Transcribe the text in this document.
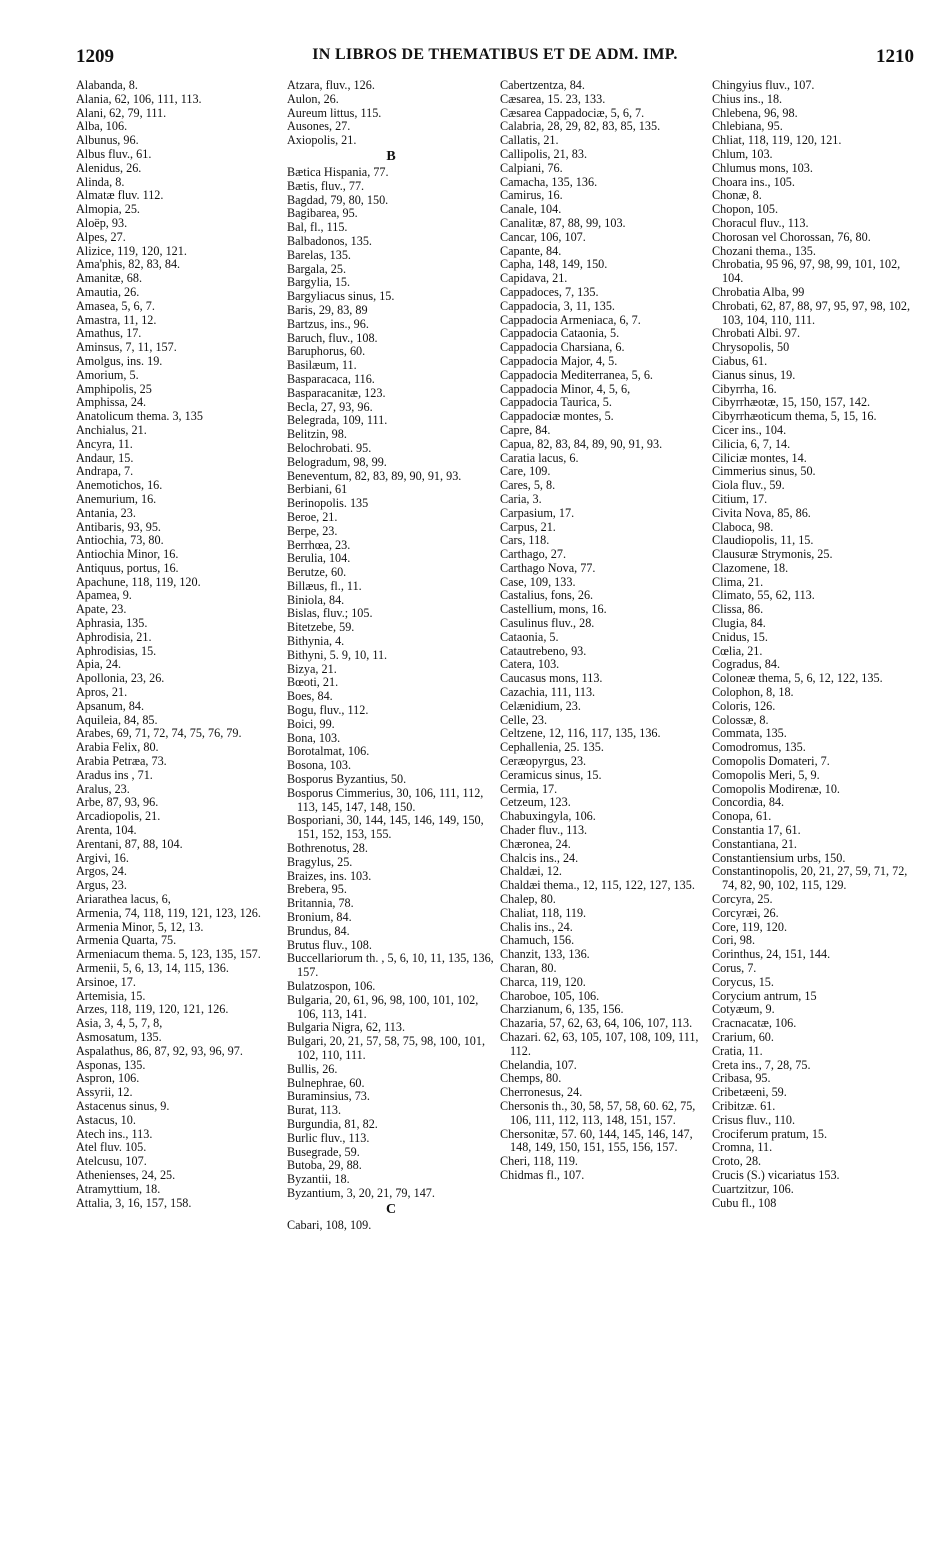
1209	IN LIBROS DE THEMATIBUS ET DE ADM. IMP.	1210
Alabanda, 8.
Alania, 62, 106, 111, 113.
Alani, 62, 79, 111.
Alba, 106.
Albunus, 96.
Albus fluv., 61.
Alenidus, 26.
Alinda, 8.
Almatæ fluv. 112.
Almopia, 25.
Aloëp, 93.
Alpes, 27.
Alizice, 119, 120, 121.
Ama'phis, 82, 83, 84.
Amanitæ, 68.
Amautia, 26.
Amasea, 5, 6, 7.
Amastra, 11, 12.
Amathus, 17.
Aminsus, 7, 11, 157.
Amolgus, ins. 19.
Amorium, 5.
Amphipolis, 25
Amphissa, 24.
Anatolicum thema. 3, 135
Anchialus, 21.
Ancyra, 11.
Andaur, 15.
Andrapa, 7.
Anemotichos, 16.
Anemurium, 16.
Antania, 23.
Antibaris, 93, 95.
Antiochia, 73, 80.
Antiochia Minor, 16.
Antiquus, portus, 16.
Apachune, 118, 119, 120.
Apamea, 9.
Apate, 23.
Aphrasia, 135.
Aphrodisia, 21.
Aphrodisias, 15.
Apia, 24.
Apollonia, 23, 26.
Apros, 21.
Apsanum, 84.
Aquileia, 84, 85.
Arabes, 69, 71, 72, 74, 75, 76, 79.
Arabia Felix, 80.
Arabia Petræa, 73.
Aradus ins , 71.
Aralus, 23.
Arbe, 87, 93, 96.
Arcadiopolis, 21.
Arenta, 104.
Arentani, 87, 88, 104.
Argivi, 16.
Argos, 24.
Argus, 23.
Ariarathea lacus, 6,
Armenia, 74, 118, 119, 121, 123, 126.
Armenia Minor, 5, 12, 13.
Armenia Quarta, 75.
Armeniacum thema. 5, 123, 135, 157.
Armenii, 5, 6, 13, 14, 115, 136.
Arsinoe, 17.
Artemisia, 15.
Arzes, 118, 119, 120, 121, 126.
Asia, 3, 4, 5, 7, 8,
Asmosatum, 135.
Aspalathus, 86, 87, 92, 93, 96, 97.
Asponas, 135.
Aspron, 106.
Assyrii, 12.
Astacenus sinus, 9.
Astacus, 10.
Atech ins., 113.
Atel fluv. 105.
Atelcusu, 107.
Athenienses, 24, 25.
Atramyttium, 18.
Attalia, 3, 16, 157, 158.
Atzara, fluv., 126.
Aulon, 26.
Aureum littus, 115.
Ausones, 27.
Axiopolis, 21.
B
Bætica Hispania, 77.
Bætis, fluv., 77.
Bagdad, 79, 80, 150.
Bagibarea, 95.
Bal, fl., 115.
Balbadonos, 135.
Barelas, 135.
Bargala, 25.
Bargylia, 15.
Bargyliacus sinus, 15.
Baris, 29, 83, 89
Bartzus, ins., 96.
Baruch, fluv., 108.
Baruphorus, 60.
Basilæum, 11.
Basparacaca, 116.
Basparacanitæ, 123.
Becla, 27, 93, 96.
Belegrada, 109, 111.
Belitzin, 98.
Belochrobati. 95.
Belogradum, 98, 99.
Beneventum, 82, 83, 89, 90, 91, 93.
Berbiani, 61
Berinopolis. 135
Beroe, 21.
Berpe, 23.
Berrhœa, 23.
Berulia, 104.
Berutze, 60.
Billæus, fl., 11.
Biniola, 84.
Bislas, fluv.; 105.
Bitetzebe, 59.
Bithynia, 4.
Bithyni, 5. 9, 10, 11.
Bizya, 21.
Bœoti, 21.
Boes, 84.
Bogu, fluv., 112.
Boici, 99.
Bona, 103.
Borotalmat, 106.
Bosona, 103.
Bosporus Byzantius, 50.
Bosporus Cimmerius, 30, 106, 111, 112, 113, 145, 147, 148, 150.
Bosporiani, 30, 144, 145, 146, 149, 150, 151, 152, 153, 155.
Bothrenotus, 28.
Bragylus, 25.
Braizes, ins. 103.
Brebera, 95.
Britannia, 78.
Bronium, 84.
Brundus, 84.
Brutus fluv., 108.
Buccellariorum th. , 5, 6, 10, 11, 135, 136, 157.
Bulatzospon, 106.
Bulgaria, 20, 61, 96, 98, 100, 101, 102, 106, 113, 141.
Bulgaria Nigra, 62, 113.
Bulgari, 20, 21, 57, 58, 75, 98, 100, 101, 102, 110, 111.
Bullis, 26.
Bulnephrae, 60.
Buraminsius, 73.
Burat, 113.
Burgundia, 81, 82.
Burlic fluv., 113.
Busegrade, 59.
Butoba, 29, 88.
Byzantii, 18.
Byzantium, 3, 20, 21, 79, 147.
C
Cabari, 108, 109.
Cabertzentza, 84.
Cæsarea, 15. 23, 133.
Cæsarea Cappadociæ, 5, 6, 7.
Calabria, 28, 29, 82, 83, 85, 135.
Callatis, 21.
Callipolis, 21, 83.
Calpiani, 76.
Camacha, 135, 136.
Camirus, 16.
Canale, 104.
Canalitæ, 87, 88, 99, 103.
Cancar, 106, 107.
Capante, 84.
Capha, 148, 149, 150.
Capidava, 21.
Cappadoces, 7, 135.
Cappadocia, 3, 11, 135.
Cappadocia Armeniaca, 6, 7.
Cappadocia Cataonia, 5.
Cappadocia Charsiana, 6.
Cappadocia Major, 4, 5.
Cappadocia Mediterranea, 5, 6.
Cappadocia Minor, 4, 5, 6,
Cappadocia Taurica, 5.
Cappadociæ montes, 5.
Capre, 84.
Capua, 82, 83, 84, 89, 90, 91, 93.
Caratia lacus, 6.
Care, 109.
Cares, 5, 8.
Caria, 3.
Carpasium, 17.
Carpus, 21.
Cars, 118.
Carthago, 27.
Carthago Nova, 77.
Case, 109, 133.
Castalius, fons, 26.
Castellium, mons, 16.
Casulinus fluv., 28.
Cataonia, 5.
Catautrebeno, 93.
Catera, 103.
Caucasus mons, 113.
Cazachia, 111, 113.
Celænidium, 23.
Celle, 23.
Celtzene, 12, 116, 117, 135, 136.
Cephallenia, 25. 135.
Ceræopyrgus, 23.
Ceramicus sinus, 15.
Cermia, 17.
Cetzeum, 123.
Chabuxingyla, 106.
Chader fluv., 113.
Chæronea, 24.
Chalcis ins., 24.
Chaldæi, 12.
Chaldæi thema., 12, 115, 122, 127, 135.
Chalep, 80.
Chaliat, 118, 119.
Chalis ins., 24.
Chamuch, 156.
Chanzit, 133, 136.
Charan, 80.
Charca, 119, 120.
Charoboe, 105, 106.
Charzianum, 6, 135, 156.
Chazaria, 57, 62, 63, 64, 106, 107, 113.
Chazari. 62, 63, 105, 107, 108, 109, 111, 112.
Chelandia, 107.
Chemps, 80.
Cherronesus, 24.
Chersonis th., 30, 58, 57, 58, 60. 62, 75, 106, 111, 112, 113, 148, 151, 157.
Chersonitæ, 57. 60, 144, 145, 146, 147, 148, 149, 150, 151, 155, 156, 157.
Cheri, 118, 119.
Chidmas fl., 107.
Chingyius fluv., 107.
Chius ins., 18.
Chlebena, 96, 98.
Chlebiana, 95.
Chliat, 118, 119, 120, 121.
Chlum, 103.
Chlumus mons, 103.
Choara ins., 105.
Chonæ, 8.
Chopon, 105.
Choracul fluv., 113.
Chorosan vel Chorossan, 76, 80.
Chozani thema., 135.
Chrobatia, 95 96, 97, 98, 99, 101, 102, 104.
Chrobatia Alba, 99
Chrobati, 62, 87, 88, 97, 95, 97, 98, 102, 103, 104, 110, 111.
Chrobati Albi. 97.
Chrysopolis, 50
Ciabus, 61.
Cianus sinus, 19.
Cibyrrha, 16.
Cibyrrhæotæ, 15, 150, 157, 142.
Cibyrrhæoticum thema, 5, 15, 16.
Cicer ins., 104.
Cilicia, 6, 7, 14.
Ciliciæ montes, 14.
Cimmerius sinus, 50.
Ciola fluv., 59.
Citium, 17.
Civita Nova, 85, 86.
Claboca, 98.
Claudiopolis, 11, 15.
Clausuræ Strymonis, 25.
Clazomene, 18.
Clima, 21.
Climato, 55, 62, 113.
Clissa, 86.
Clugia, 84.
Cnidus, 15.
Cœlia, 21.
Cogradus, 84.
Coloneæ thema, 5, 6, 12, 122, 135.
Colophon, 8, 18.
Coloris, 126.
Colossæ, 8.
Commata, 135.
Comodromus, 135.
Comopolis Domateri, 7.
Comopolis Meri, 5, 9.
Comopolis Modirenæ, 10.
Concordia, 84.
Conopa, 61.
Constantia 17, 61.
Constantiana, 21.
Constantiensium urbs, 150.
Constantinopolis, 20, 21, 27, 59, 71, 72, 74, 82, 90, 102, 115, 129.
Corcyra, 25.
Corcyræi, 26.
Core, 119, 120.
Cori, 98.
Corinthus, 24, 151, 144.
Corus, 7.
Corycus, 15.
Corycium antrum, 15
Cotyæum, 9.
Cracnacatæ, 106.
Crarium, 60.
Cratia, 11.
Creta ins., 7, 28, 75.
Cribasa, 95.
Cribetæeni, 59.
Cribitzæ. 61.
Crisus fluv., 110.
Crociferum pratum, 15.
Cromna, 11.
Croto, 28.
Crucis (S.) vicariatus 153.
Cuartzitzur, 106.
Cubu fl., 108
